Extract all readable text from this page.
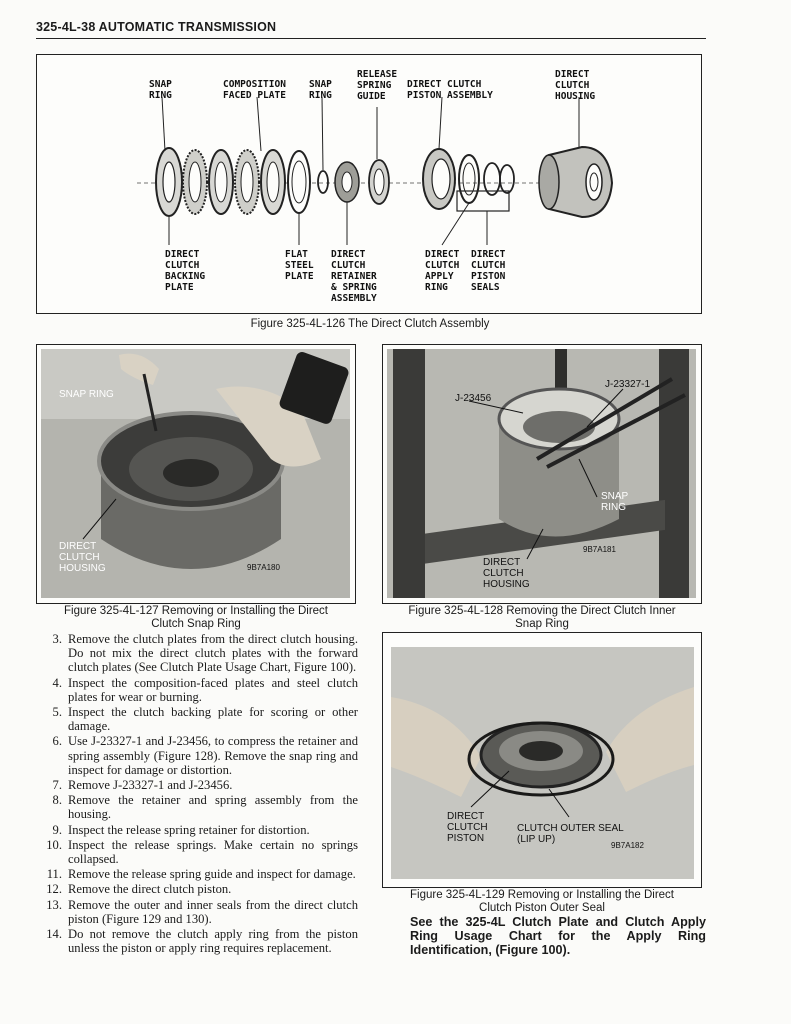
325-4L-38 AUTOMATIC TRANSMISSION
SNAP
RING
COMPOSITION
FACED PLATE
SNAP
RING
RELEASE
SPRING
GUIDE
DIRECT CLUTCH
PISTON ASSEMBLY
DIRECT
CLUTCH
HOUSING
DIRECT
CLUTCH
BACKING
PLATE
FLAT
STEEL
PLATE
DIRECT
CLUTCH
RETAINER
& SPRING
ASSEMBLY
DIRECT
CLUTCH
APPLY
RING
DIRECT
CLUTCH
PISTON
SEALS
Figure 325-4L-126 The Direct Clutch Assembly
SNAP RING
DIRECT
CLUTCH
HOUSING	9B7A180
Figure 325-4L-127 Removing or Installing the Direct
Clutch Snap Ring
J-23456
J-23327-1
SNAP
RING
DIRECT
CLUTCH
HOUSING
9B7A181
Figure 325-4L-128 Removing the Direct Clutch Inner
Snap Ring
DIRECT
CLUTCH
PISTON
CLUTCH OUTER SEAL
(LIP UP)
9B7A182
Figure 325-4L-129 Removing or Installing the Direct
Clutch Piston Outer Seal
3. Remove the clutch plates from the direct clutch housing. Do not mix the direct clutch plates with the forward clutch plates (See Clutch Plate Usage Chart, Figure 100).
4. Inspect the composition-faced plates and steel clutch plates for wear or burning.
5. Inspect the clutch backing plate for scoring or other damage.
6. Use J-23327-1 and J-23456, to compress the retainer and spring assembly (Figure 128). Remove the snap ring and inspect for damage or distortion.
7. Remove J-23327-1 and J-23456.
8. Remove the retainer and spring assembly from the housing.
9. Inspect the release spring retainer for distortion.
10. Inspect the release springs. Make certain no springs collapsed.
11. Remove the release spring guide and inspect for damage.
12. Remove the direct clutch piston.
13. Remove the outer and inner seals from the direct clutch piston (Figure 129 and 130).
14. Do not remove the clutch apply ring from the piston unless the piston or apply ring requires replacement.
See the 325-4L Clutch Plate and Clutch Apply Ring Usage Chart for the Apply Ring Identification, (Figure 100).
